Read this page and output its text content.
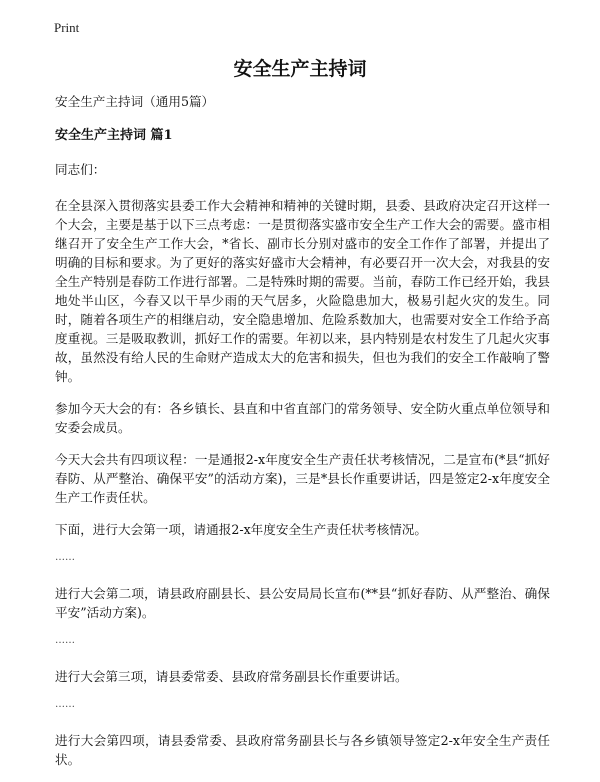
Print
安全生产主持词

安全生产主持词（通用5篇）

安全生产主持词 篇1

同志们：

在全县深入贯彻落实县委工作大会精神和精神的关键时期，县委、县政府决定召开这样一个大会，主要是基于以下三点考虑：一是贯彻落实盛市安全生产工作大会的需要。盛市相继召开了安全生产工作大会，*省长、副市长分别对盛市的安全工作作了部署，并提出了明确的目标和要求。为了更好的落实好盛市大会精神，有必要召开一次大会，对我县的安全生产特别是春防工作进行部署。二是特殊时期的需要。当前，春防工作已经开始，我县地处半山区，今春又以干旱少雨的天气居多，火险隐患加大，极易引起火灾的发生。同时，随着各项生产的相继启动，安全隐患增加、危险系数加大，也需要对安全工作给予高度重视。三是吸取教训，抓好工作的需要。年初以来，县内特别是农村发生了几起火灾事故，虽然没有给人民的生命财产造成太大的危害和损失，但也为我们的安全工作敲响了警钟。

参加今天大会的有：各乡镇长、县直和中省直部门的常务领导、安全防火重点单位领导和安委会成员。

今天大会共有四项议程：一是通报2-x年度安全生产责任状考核情况，二是宣布(*县“抓好春防、从严整治、确保平安”的活动方案)，三是*县长作重要讲话，四是签定2-x年度安全生产工作责任状。

下面，进行大会第一项，请通报2-x年度安全生产责任状考核情况。

……

进行大会第二项，请县政府副县长、县公安局局长宣布(**县“抓好春防、从严整治、确保平安”活动方案)。

……

进行大会第三项，请县委常委、县政府常务副县长作重要讲话。

……

进行大会第四项，请县委常委、县政府常务副县长与各乡镇领导签定2-x年安全生产责任状。
